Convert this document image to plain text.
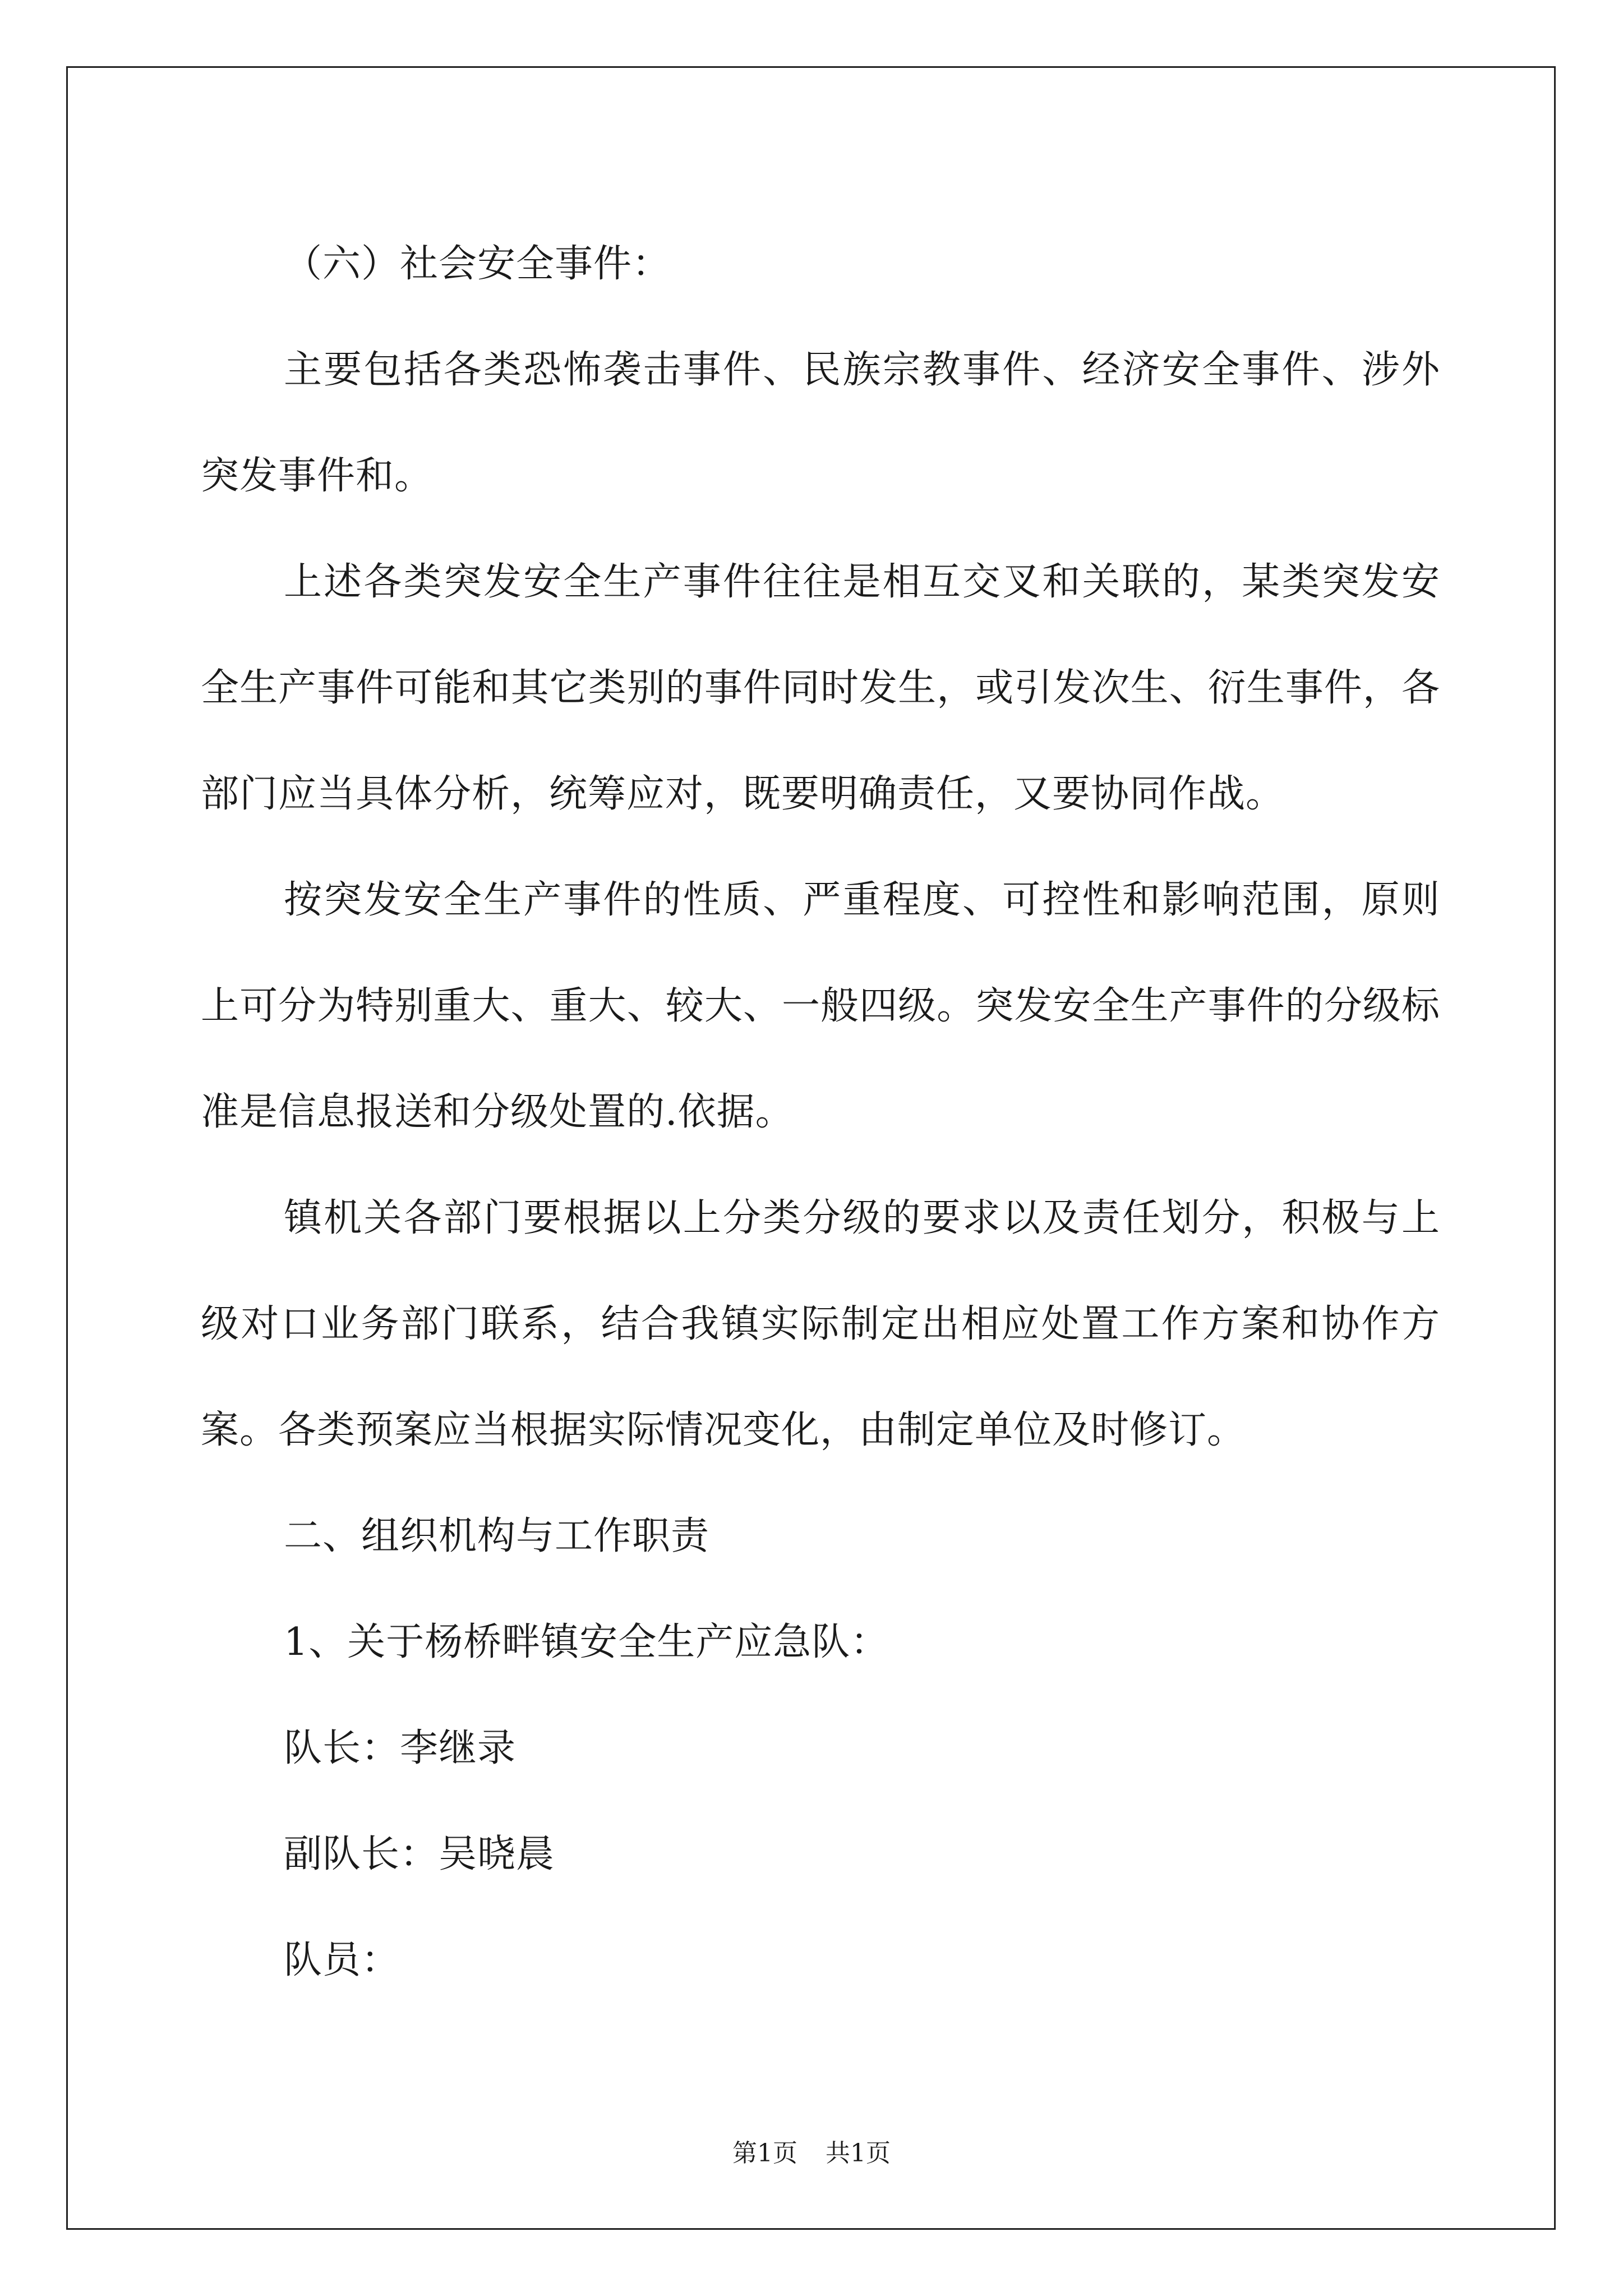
（六）社会安全事件：

主要包括各类恐怖袭击事件、民族宗教事件、经济安全事件、涉外突发事件和。

上述各类突发安全生产事件往往是相互交叉和关联的，某类突发安全生产事件可能和其它类别的事件同时发生，或引发次生、衍生事件，各部门应当具体分析，统筹应对，既要明确责任，又要协同作战。

按突发安全生产事件的性质、严重程度、可控性和影响范围，原则上可分为特别重大、重大、较大、一般四级。突发安全生产事件的分级标准是信息报送和分级处置的.依据。

镇机关各部门要根据以上分类分级的要求以及责任划分，积极与上级对口业务部门联系，结合我镇实际制定出相应处置工作方案和协作方案。各类预案应当根据实际情况变化，由制定单位及时修订。

二、组织机构与工作职责

1、关于杨桥畔镇安全生产应急队：

队长：李继录

副队长：吴晓晨

队员：

第1页 共1页
